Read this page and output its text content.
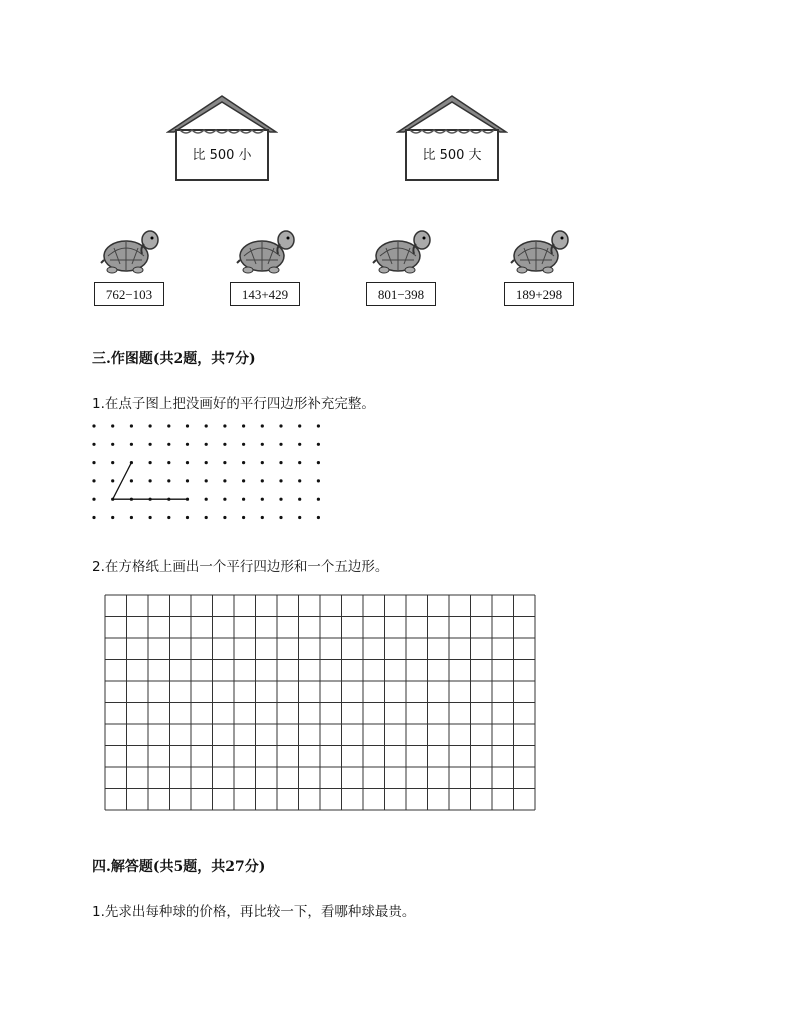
比 500 小	比 500 大
762−103	143+429	801−398	189+298
三.作图题(共2题，共7分)
1.在点子图上把没画好的平行四边形补充完整。
2.在方格纸上画出一个平行四边形和一个五边形。
四.解答题(共5题，共27分)
1.先求出每种球的价格，再比较一下，看哪种球最贵。
